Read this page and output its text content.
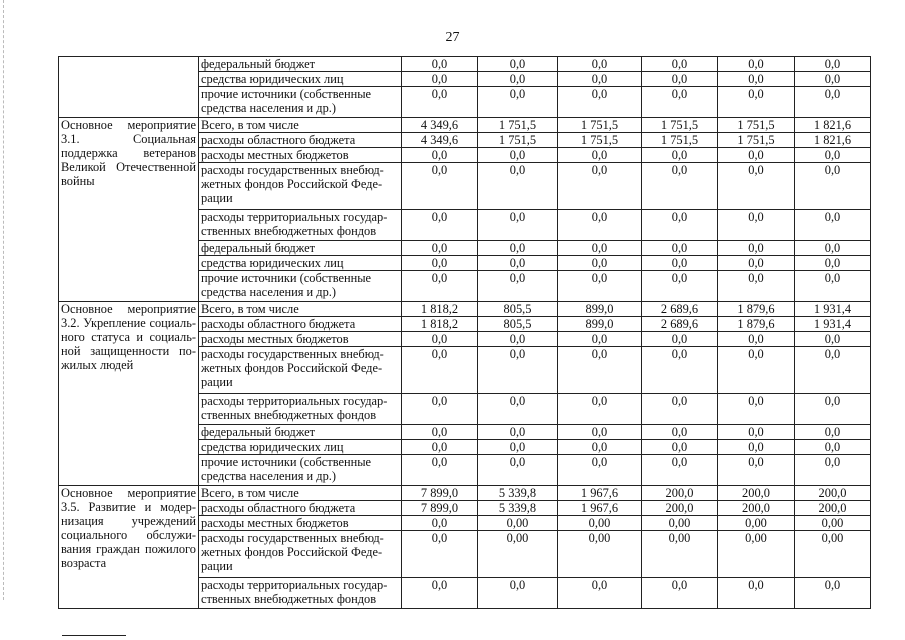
27
	федеральный бюджет	0,0	0,0	0,0	0,0	0,0	0,0
	средства юридических лиц	0,0	0,0	0,0	0,0	0,0	0,0
	прочие источники (собственные средства населения и др.)	0,0	0,0	0,0	0,0	0,0	0,0
Основное мероприятие 3.1. Социальная поддержка ветеранов Великой Отечественной войны	Всего, в том числе	4 349,6	1 751,5	1 751,5	1 751,5	1 751,5	1 821,6
	расходы областного бюджета	4 349,6	1 751,5	1 751,5	1 751,5	1 751,5	1 821,6
	расходы местных бюджетов	0,0	0,0	0,0	0,0	0,0	0,0
	расходы государственных внебюджетных фондов Российской Федерации	0,0	0,0	0,0	0,0	0,0	0,0
	расходы территориальных государственных внебюджетных фондов	0,0	0,0	0,0	0,0	0,0	0,0
	федеральный бюджет	0,0	0,0	0,0	0,0	0,0	0,0
	средства юридических лиц	0,0	0,0	0,0	0,0	0,0	0,0
	прочие источники (собственные средства населения и др.)	0,0	0,0	0,0	0,0	0,0	0,0
Основное мероприятие 3.2. Укрепление социального статуса и социальной защищенности пожилых людей	Всего, в том числе	1 818,2	805,5	899,0	2 689,6	1 879,6	1 931,4
	расходы областного бюджета	1 818,2	805,5	899,0	2 689,6	1 879,6	1 931,4
	расходы местных бюджетов	0,0	0,0	0,0	0,0	0,0	0,0
	расходы государственных внебюджетных фондов Российской Федерации	0,0	0,0	0,0	0,0	0,0	0,0
	расходы территориальных государственных внебюджетных фондов	0,0	0,0	0,0	0,0	0,0	0,0
	федеральный бюджет	0,0	0,0	0,0	0,0	0,0	0,0
	средства юридических лиц	0,0	0,0	0,0	0,0	0,0	0,0
	прочие источники (собственные средства населения и др.)	0,0	0,0	0,0	0,0	0,0	0,0
Основное мероприятие 3.5. Развитие и модернизация учреждений социального обслуживания граждан пожилого возраста	Всего, в том числе	7 899,0	5 339,8	1 967,6	200,0	200,0	200,0
	расходы областного бюджета	7 899,0	5 339,8	1 967,6	200,0	200,0	200,0
	расходы местных бюджетов	0,0	0,00	0,00	0,00	0,00	0,00
	расходы государственных внебюджетных фондов Российской Федерации	0,0	0,00	0,00	0,00	0,00	0,00
	расходы территориальных государственных внебюджетных фондов	0,0	0,0	0,0	0,0	0,0	0,0
